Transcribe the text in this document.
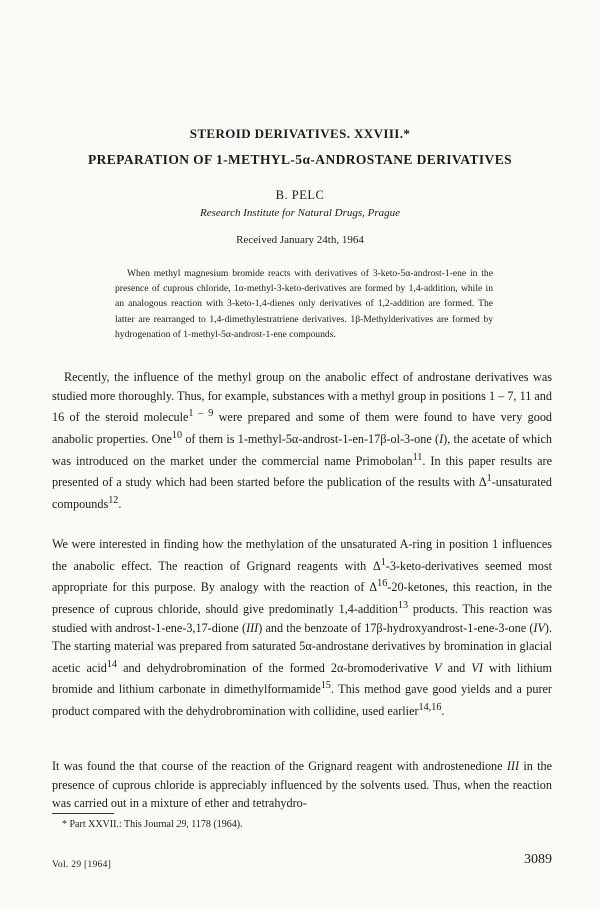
STEROID DERIVATIVES. XXVIII.*
PREPARATION OF 1-METHYL-5α-ANDROSTANE DERIVATIVES
B. PELC
Research Institute for Natural Drugs, Prague
Received January 24th, 1964

When methyl magnesium bromide reacts with derivatives of 3-keto-5α-androst-1-ene in the presence of cuprous chloride, 1α-methyl-3-keto-derivatives are formed by 1,4-addition, while in an analogous reaction with 3-keto-1,4-dienes only derivatives of 1,2-addition are formed. The latter are rearranged to 1,4-dimethylestratriene derivatives. 1β-Methylderivatives are formed by hydrogenation of 1-methyl-5α-androst-1-ene compounds.

Recently, the influence of the methyl group on the anabolic effect of androstane derivatives was studied more thoroughly. Thus, for example, substances with a methyl group in positions 1 – 7, 11 and 16 of the steroid molecule$^{1 - 9}$ were prepared and some of them were found to have very good anabolic properties. One$^{10}$ of them is 1-methyl-5α-androst-1-en-17β-ol-3-one (I), the acetate of which was introduced on the market under the commercial name Primobolan$^{11}$. In this paper results are presented of a study which had been started before the publication of the results with $\Delta^1$-unsaturated compounds$^{12}$.

We were interested in finding how the methylation of the unsaturated A-ring in position 1 influences the anabolic effect. The reaction of Grignard reagents with $\Delta^1-3-keto$-derivatives seemed most appropriate for this purpose. By analogy with the reaction of $\Delta^{16}-20$-ketones, this reaction, in the presence of cuprous chloride, should give predominatly 1,4-addition$^{13}$ products. This reaction was studied with androst-1-ene-3,17-dione (III) and the benzoate of 17β-hydroxyandrost-1-ene-3-one (IV). The starting material was prepared from saturated 5α-androstane derivatives by bromination in glacial acetic acid$^{14}$ and dehydrobromination of the formed 2α-bromoderivative V and VI with lithium bromide and lithium carbonate in dimethylformamide$^{15}$. This method gave good yields and a purer product compared with the dehydrobromination with collidine, used earlier$^{14,16}$.

It was found the that course of the reaction of the Grignard reagent with androstenedione III in the presence of cuprous chloride is appreciably influenced by the solvents used. Thus, when the reaction was carried out in a mixture of ether and tetrahydro-

* Part XXVII.: This Journal 29, 1178 (1964).
Vol. 29 [1964]	3089
